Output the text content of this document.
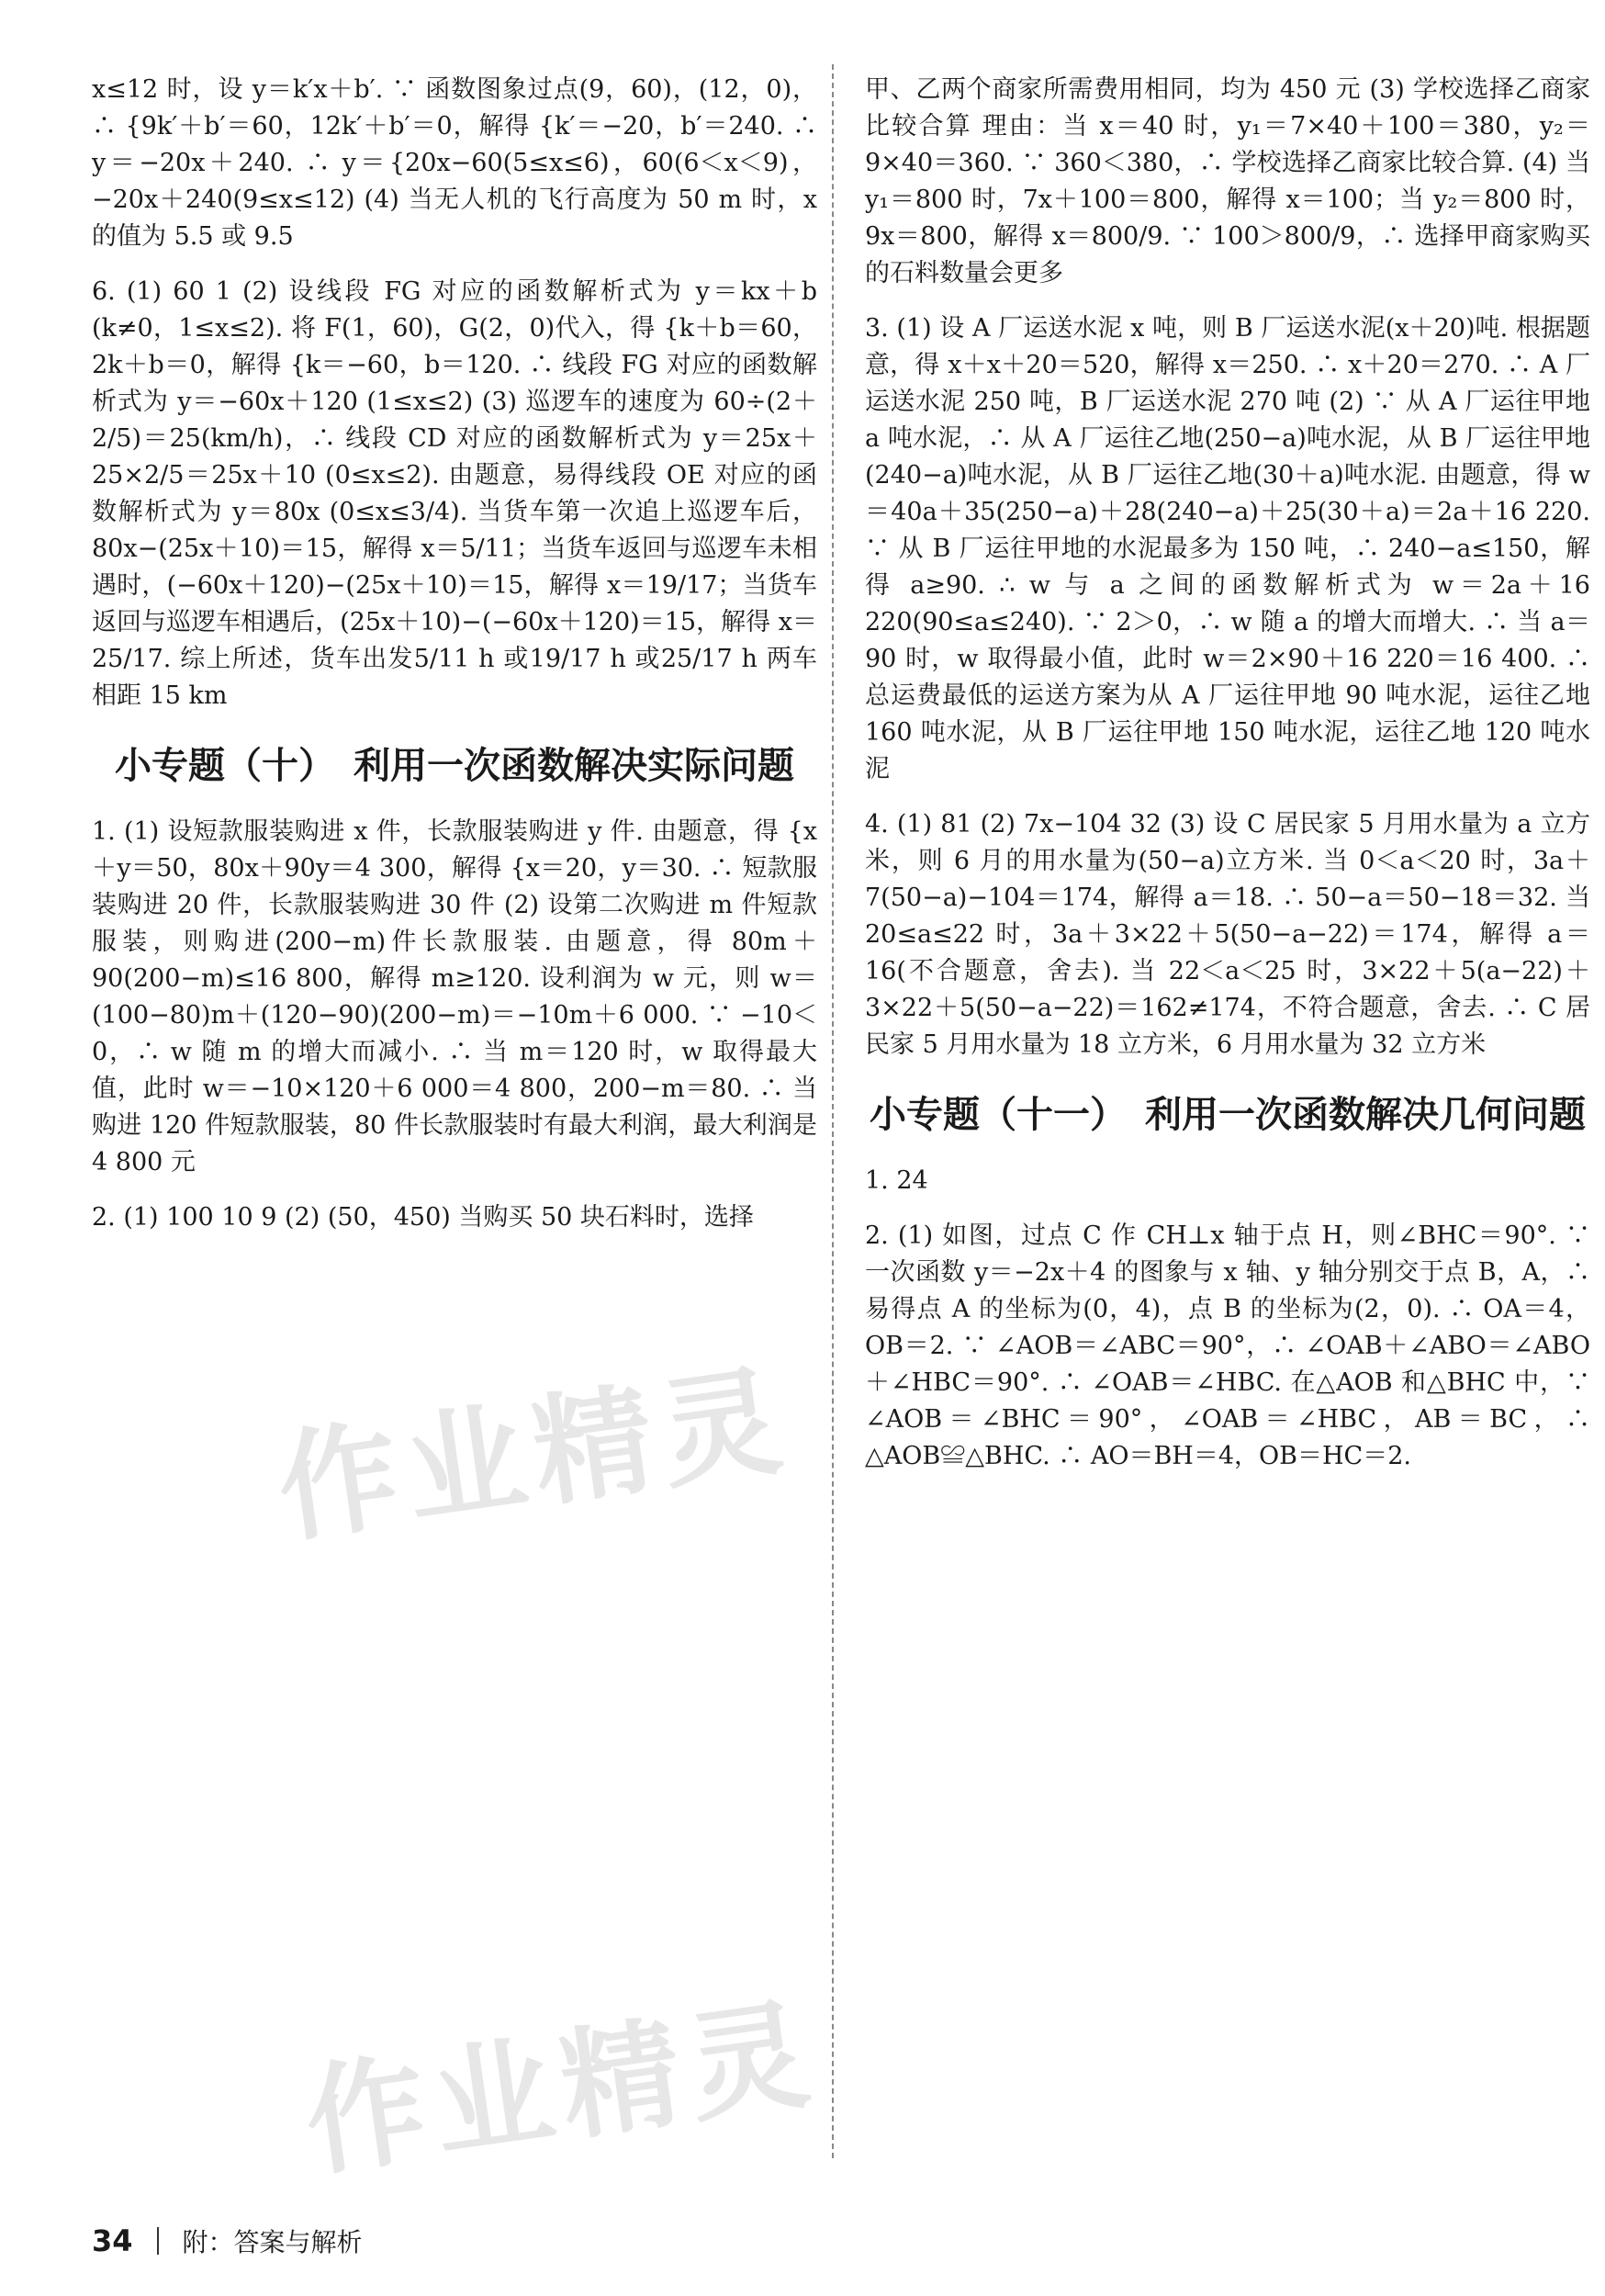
x≤12 时，设 y＝k′x＋b′. ∵ 函数图象过点(9，60)，(12，0)，∴ {9k′＋b′＝60，12k′＋b′＝0，解得 {k′＝−20，b′＝240. ∴ y＝−20x＋240. ∴ y＝{20x−60(5≤x≤6)，60(6＜x＜9)，−20x＋240(9≤x≤12) (4) 当无人机的飞行高度为 50 m 时，x 的值为 5.5 或 9.5

6. (1) 60 1 (2) 设线段 FG 对应的函数解析式为 y＝kx＋b (k≠0，1≤x≤2). 将 F(1，60)，G(2，0)代入，得 {k＋b＝60，2k＋b＝0，解得 {k＝−60，b＝120. ∴ 线段 FG 对应的函数解析式为 y＝−60x＋120 (1≤x≤2) (3) 巡逻车的速度为 60÷(2＋2/5)＝25(km/h)，∴ 线段 CD 对应的函数解析式为 y＝25x＋25×2/5＝25x＋10 (0≤x≤2). 由题意，易得线段 OE 对应的函数解析式为 y＝80x (0≤x≤3/4). 当货车第一次追上巡逻车后，80x−(25x＋10)＝15，解得 x＝5/11；当货车返回与巡逻车未相遇时，(−60x＋120)−(25x＋10)＝15，解得 x＝19/17；当货车返回与巡逻车相遇后，(25x＋10)−(−60x＋120)＝15，解得 x＝25/17. 综上所述，货车出发5/11 h 或19/17 h 或25/17 h 两车相距 15 km

小专题（十）　利用一次函数解决实际问题

1. (1) 设短款服装购进 x 件，长款服装购进 y 件. 由题意，得 {x＋y＝50，80x＋90y＝4 300，解得 {x＝20，y＝30. ∴ 短款服装购进 20 件，长款服装购进 30 件 (2) 设第二次购进 m 件短款服装，则购进(200−m)件长款服装. 由题意，得 80m＋90(200−m)≤16 800，解得 m≥120. 设利润为 w 元，则 w＝(100−80)m＋(120−90)(200−m)＝−10m＋6 000. ∵ −10＜0，∴ w 随 m 的增大而减小. ∴ 当 m＝120 时，w 取得最大值，此时 w＝−10×120＋6 000＝4 800，200−m＝80. ∴ 当购进 120 件短款服装，80 件长款服装时有最大利润，最大利润是 4 800 元

2. (1) 100 10 9 (2) (50，450) 当购买 50 块石料时，选择

甲、乙两个商家所需费用相同，均为 450 元 (3) 学校选择乙商家比较合算 理由：当 x＝40 时，y₁＝7×40＋100＝380，y₂＝9×40＝360. ∵ 360＜380，∴ 学校选择乙商家比较合算. (4) 当 y₁＝800 时，7x＋100＝800，解得 x＝100；当 y₂＝800 时，9x＝800，解得 x＝800/9. ∵ 100＞800/9，∴ 选择甲商家购买的石料数量会更多

3. (1) 设 A 厂运送水泥 x 吨，则 B 厂运送水泥(x＋20)吨. 根据题意，得 x＋x＋20＝520，解得 x＝250. ∴ x＋20＝270. ∴ A 厂运送水泥 250 吨，B 厂运送水泥 270 吨 (2) ∵ 从 A 厂运往甲地 a 吨水泥，∴ 从 A 厂运往乙地(250−a)吨水泥，从 B 厂运往甲地(240−a)吨水泥，从 B 厂运往乙地(30＋a)吨水泥. 由题意，得 w＝40a＋35(250−a)＋28(240−a)＋25(30＋a)＝2a＋16 220. ∵ 从 B 厂运往甲地的水泥最多为 150 吨，∴ 240−a≤150，解得 a≥90. ∴ w 与 a 之间的函数解析式为 w＝2a＋16 220(90≤a≤240). ∵ 2＞0，∴ w 随 a 的增大而增大. ∴ 当 a＝90 时，w 取得最小值，此时 w＝2×90＋16 220＝16 400. ∴ 总运费最低的运送方案为从 A 厂运往甲地 90 吨水泥，运往乙地 160 吨水泥，从 B 厂运往甲地 150 吨水泥，运往乙地 120 吨水泥

4. (1) 81 (2) 7x−104 32 (3) 设 C 居民家 5 月用水量为 a 立方米，则 6 月的用水量为(50−a)立方米. 当 0＜a＜20 时，3a＋7(50−a)−104＝174，解得 a＝18. ∴ 50−a＝50−18＝32. 当 20≤a≤22 时，3a＋3×22＋5(50−a−22)＝174，解得 a＝16(不合题意，舍去). 当 22＜a＜25 时，3×22＋5(a−22)＋3×22＋5(50−a−22)＝162≠174，不符合题意，舍去. ∴ C 居民家 5 月用水量为 18 立方米，6 月用水量为 32 立方米

小专题（十一）　利用一次函数解决几何问题

1. 24

2. (1) 如图，过点 C 作 CH⊥x 轴于点 H，则∠BHC＝90°. ∵ 一次函数 y＝−2x＋4 的图象与 x 轴、y 轴分别交于点 B，A，∴ 易得点 A 的坐标为(0，4)，点 B 的坐标为(2，0). ∴ OA＝4，OB＝2. ∵ ∠AOB＝∠ABC＝90°，∴ ∠OAB＋∠ABO＝∠ABO＋∠HBC＝90°. ∴ ∠OAB＝∠HBC. 在△AOB 和△BHC 中，∵ ∠AOB＝∠BHC＝90°，∠OAB＝∠HBC，AB＝BC，∴ △AOB≌△BHC. ∴ AO＝BH＝4，OB＝HC＝2.

作业精灵
作业精灵
34 附：答案与解析
